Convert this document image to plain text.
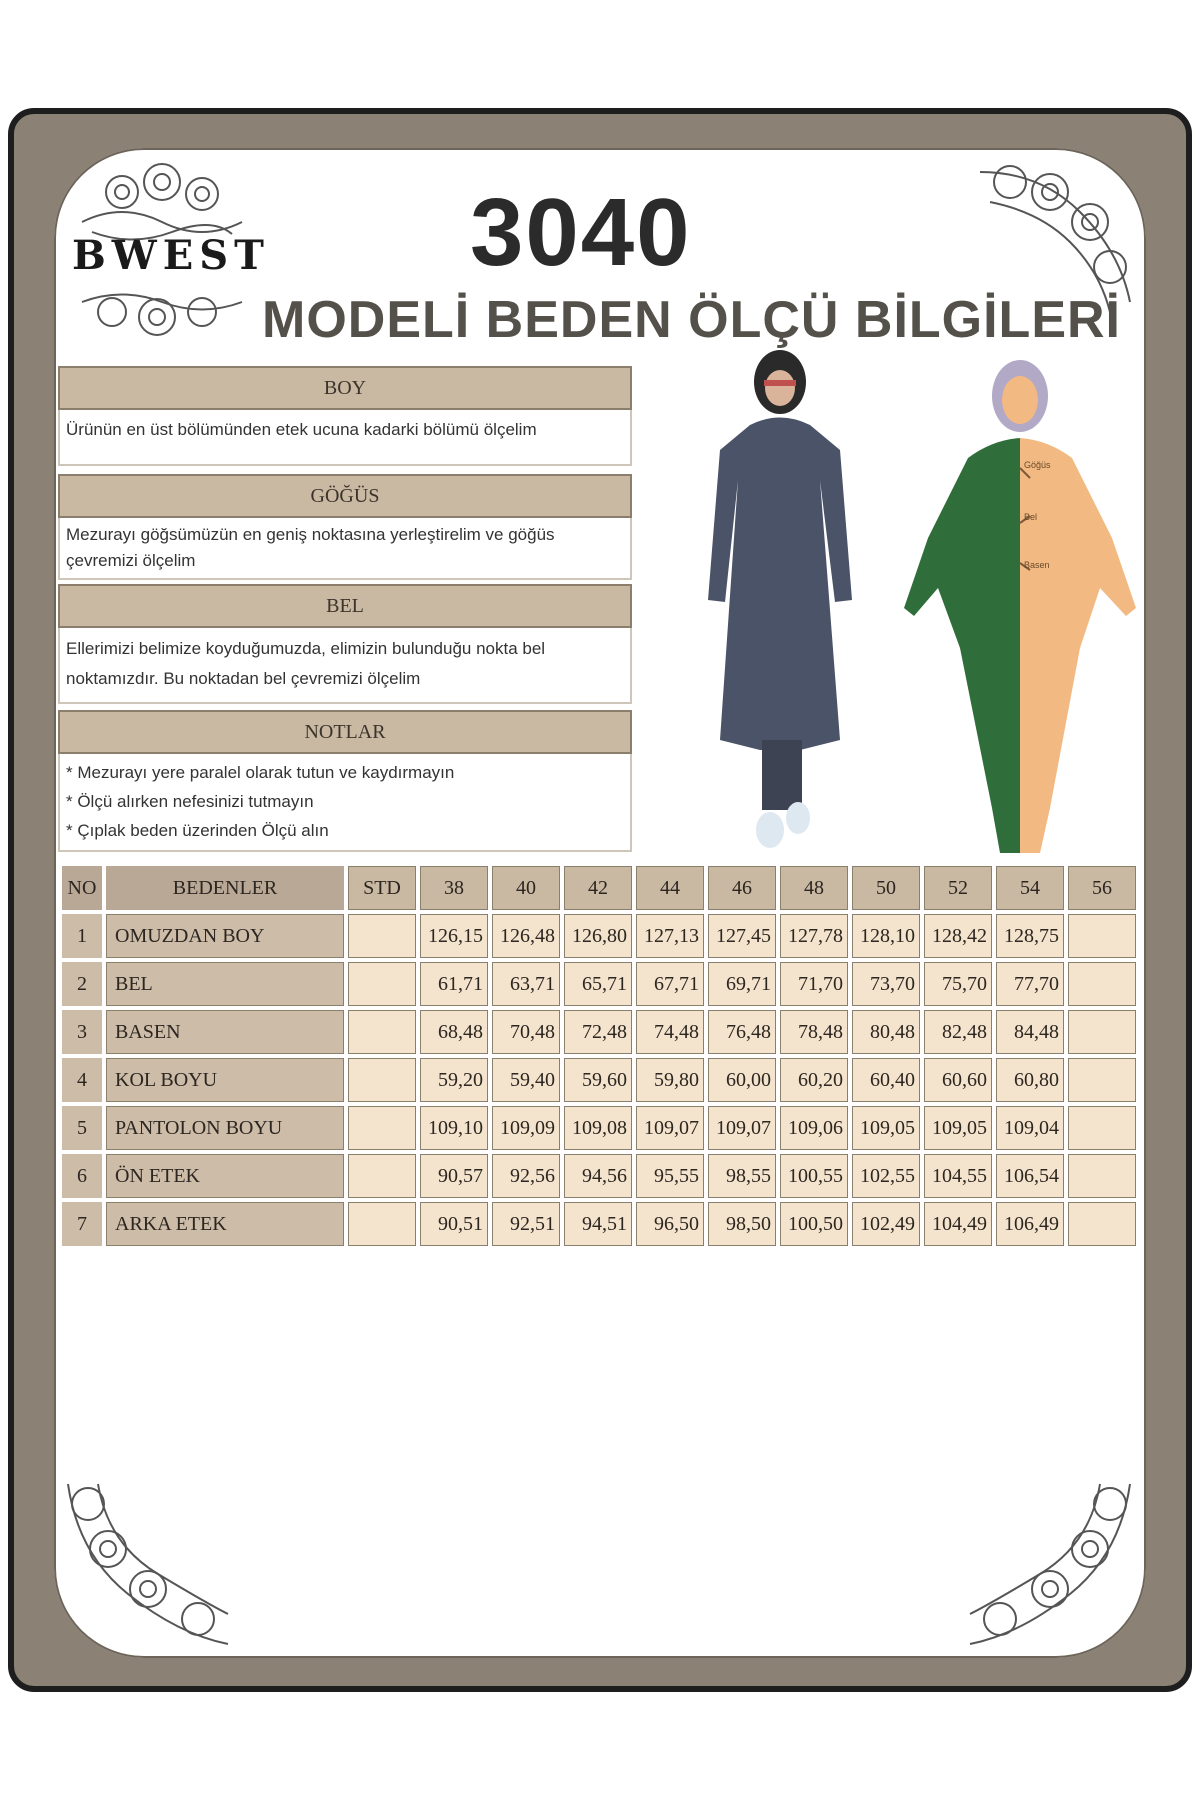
BWEST 3040
MODELİ BEDEN ÖLÇÜ BİLGİLERİ
BOY
Ürünün en üst bölümünden etek ucuna kadarki bölümü ölçelim
GÖĞÜS
Mezurayı göğsümüzün en geniş noktasına yerleştirelim ve göğüs
çevremizi ölçelim
BEL
Ellerimizi belimize koyduğumuzda, elimizin bulunduğu nokta bel
noktamızdır. Bu noktadan bel çevremizi ölçelim
NOTLAR
* Mezurayı yere paralel olarak tutun ve kaydırmayın
* Ölçü alırken nefesinizi tutmayın
* Çıplak beden üzerinden Ölçü alın
Göğüs
Bel
Basen
NO	BEDENLER	STD	38	40	42	44	46	48	50	52	54	56
1	OMUZDAN BOY		126,15	126,48	126,80	127,13	127,45	127,78	128,10	128,42	128,75	
2	BEL		61,71	63,71	65,71	67,71	69,71	71,70	73,70	75,70	77,70	
3	BASEN		68,48	70,48	72,48	74,48	76,48	78,48	80,48	82,48	84,48	
4	KOL BOYU		59,20	59,40	59,60	59,80	60,00	60,20	60,40	60,60	60,80	
5	PANTOLON BOYU		109,10	109,09	109,08	109,07	109,07	109,06	109,05	109,05	109,04	
6	ÖN ETEK		90,57	92,56	94,56	95,55	98,55	100,55	102,55	104,55	106,54	
7	ARKA ETEK		90,51	92,51	94,51	96,50	98,50	100,50	102,49	104,49	106,49	
